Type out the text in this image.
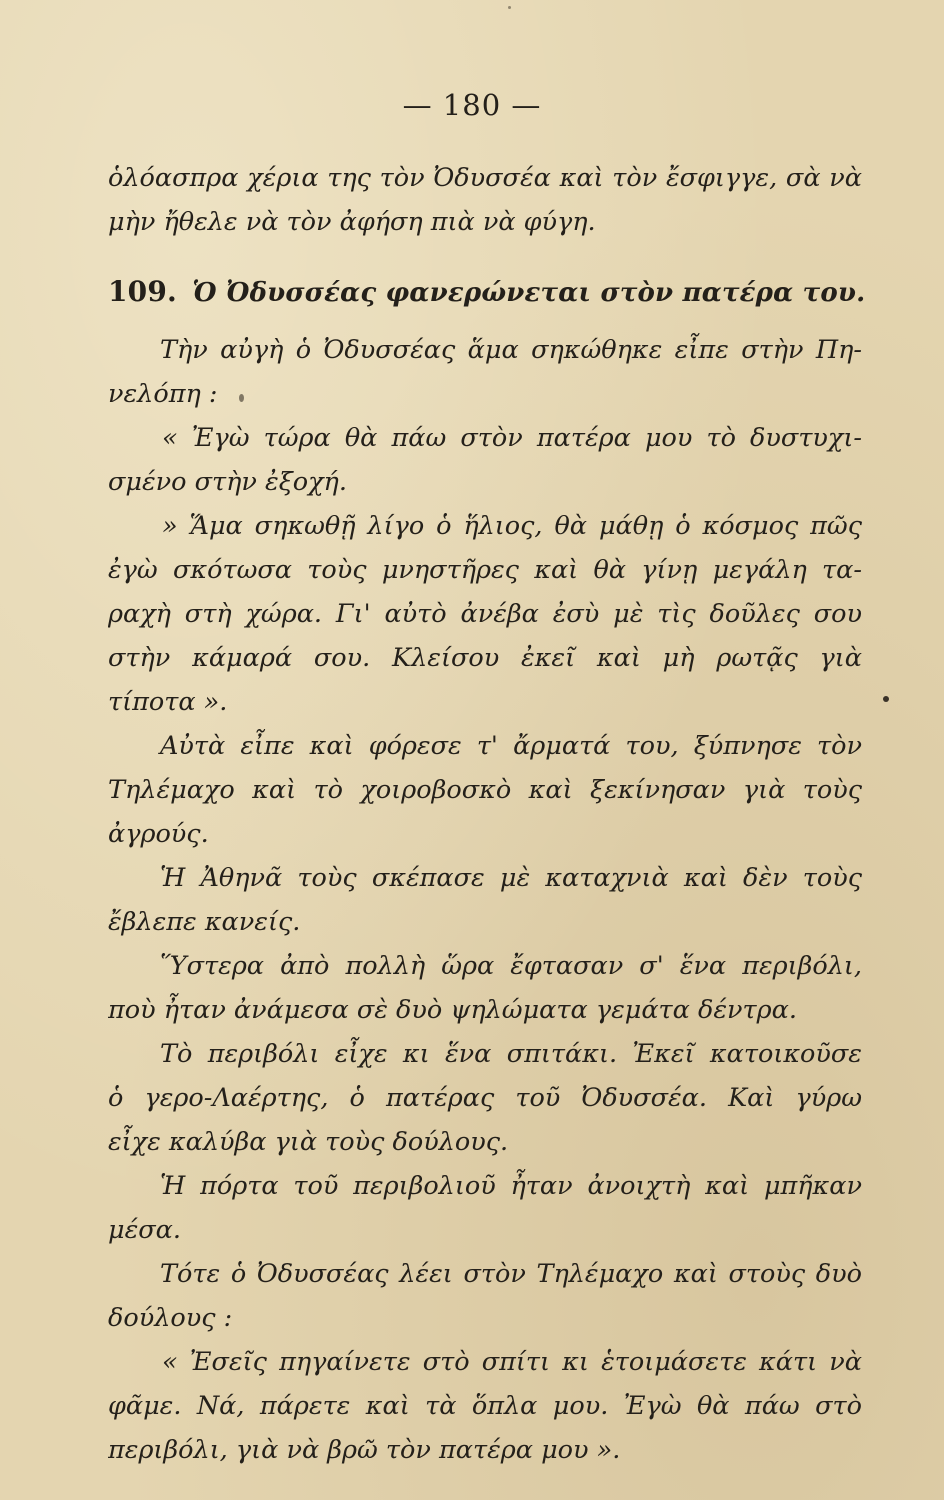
— 180 —
ὁλόασπρα χέρια της τὸν Ὀδυσσέα καὶ τὸν ἔσφιγγε, σὰ νὰ
μὴν ἤθελε νὰ τὸν ἀφήση πιὰ νὰ φύγη.
109. Ὁ Ὀδυσσέας φανερώνεται στὸν πατέρα του.
Τὴν αὐγὴ ὁ Ὀδυσσέας ἅμα σηκώθηκε εἶπε στὴν Πη-
νελόπη :
« Ἐγὼ τώρα θὰ πάω στὸν πατέρα μου τὸ δυστυχι-
σμένο στὴν ἐξοχή.
» Ἅμα σηκωθῇ λίγο ὁ ἥλιος, θὰ μάθῃ ὁ κόσμος πῶς
ἐγὼ σκότωσα τοὺς μνηστῆρες καὶ θὰ γίνῃ μεγάλη τα-
ραχὴ στὴ χώρα. Γι' αὐτὸ ἀνέβα ἐσὺ μὲ τὶς δοῦλες σου
στὴν κάμαρά σου. Κλείσου ἐκεῖ καὶ μὴ ρωτᾷς γιὰ
τίποτα ».
Αὐτὰ εἶπε καὶ φόρεσε τ' ἄρματά του, ξύπνησε τὸν
Τηλέμαχο καὶ τὸ χοιροβοσκὸ καὶ ξεκίνησαν γιὰ τοὺς
ἀγρούς.
Ἡ Ἀθηνᾶ τοὺς σκέπασε μὲ καταχνιὰ καὶ δὲν τοὺς
ἔβλεπε κανείς.
Ὕστερα ἀπὸ πολλὴ ὥρα ἔφτασαν σ' ἕνα περιβόλι,
ποὺ ἦταν ἀνάμεσα σὲ δυὸ ψηλώματα γεμάτα δέντρα.
Τὸ περιβόλι εἶχε κι ἕνα σπιτάκι. Ἐκεῖ κατοικοῦσε
ὁ γερο-Λαέρτης, ὁ πατέρας τοῦ Ὀδυσσέα. Καὶ γύρω
εἶχε καλύβα γιὰ τοὺς δούλους.
Ἡ πόρτα τοῦ περιβολιοῦ ἦταν ἀνοιχτὴ καὶ μπῆκαν
μέσα.
Τότε ὁ Ὀδυσσέας λέει στὸν Τηλέμαχο καὶ στοὺς δυὸ
δούλους :
« Ἐσεῖς πηγαίνετε στὸ σπίτι κι ἑτοιμάσετε κάτι νὰ
φᾶμε. Νά, πάρετε καὶ τὰ ὅπλα μου. Ἐγὼ θὰ πάω στὸ
περιβόλι, γιὰ νὰ βρῶ τὸν πατέρα μου ».
